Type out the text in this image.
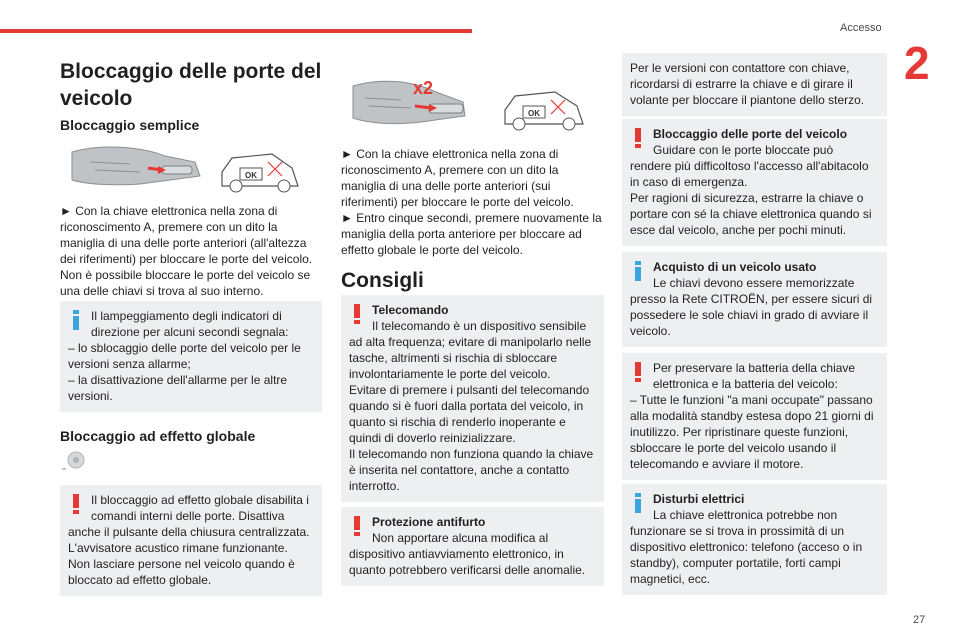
Accesso
2
27
Bloccaggio delle porte del veicolo
Bloccaggio semplice
OK

► Con la chiave elettronica nella zona di riconoscimento A, premere con un dito la maniglia di una delle porte anteriori (all'altezza dei riferimenti) per bloccare le porte del veicolo.
Non è possibile bloccare le porte del veicolo se una delle chiavi si trova al suo interno.

Il lampeggiamento degli indicatori di
direzione per alcuni secondi segnala:
– lo sblocaggio delle porte del veicolo per le versioni senza allarme;
– la disattivazione dell'allarme per le altre versioni.
Bloccaggio ad effetto globale
Il bloccaggio ad effetto globale disabilita i
comandi interni delle porte. Disattiva
anche il pulsante della chiusura centralizzata.
L'avvisatore acustico rimane funzionante.
Non lasciare persone nel veicolo quando è bloccato ad effetto globale.
x2
OK

► Con la chiave elettronica nella zona di riconoscimento A, premere con un dito la maniglia di una delle porte anteriori (sui riferimenti) per bloccare le porte del veicolo.
► Entro cinque secondi, premere nuovamente la maniglia della porta anteriore per bloccare ad effetto globale le porte del veicolo.

Consigli
Telecomando
Il telecomando è un dispositivo sensibile
ad alta frequenza; evitare di manipolarlo nelle tasche, altrimenti si rischia di sbloccare involontariamente le porte del veicolo.
Evitare di premere i pulsanti del telecomando quando si è fuori dalla portata del veicolo, in quanto si rischia di renderlo inoperante e quindi di doverlo reinizializzare.
Il telecomando non funziona quando la chiave è inserita nel contattore, anche a contatto interrotto.
Protezione antifurto
Non apportare alcuna modifica al
dispositivo antiavviamento elettronico, in quanto potrebbero verificarsi delle anomalie.
Per le versioni con contattore con chiave, ricordarsi di estrarre la chiave e di girare il volante per bloccare il piantone dello sterzo.
Bloccaggio delle porte del veicolo
Guidare con le porte bloccate può
rendere più difficoltoso l'accesso all'abitacolo in caso di emergenza.
Per ragioni di sicurezza, estrarre la chiave o portare con sé la chiave elettronica quando si esce dal veicolo, anche per pochi minuti.
Acquisto di un veicolo usato
Le chiavi devono essere memorizzate
presso la Rete CITROËN, per essere sicuri di possedere le sole chiavi in grado di avviare il veicolo.
Per preservare la batteria della chiave
elettronica e la batteria del veicolo:
– Tutte le funzioni "a mani occupate" passano alla modalità standby estesa dopo 21 giorni di inutilizzo. Per ripristinare queste funzioni, sbloccare le porte del veicolo usando il telecomando e avviare il motore.
Disturbi elettrici
La chiave elettronica potrebbe non
funzionare se si trova in prossimità di un dispositivo elettronico: telefono (acceso o in standby), computer portatile, forti campi magnetici, ecc.
